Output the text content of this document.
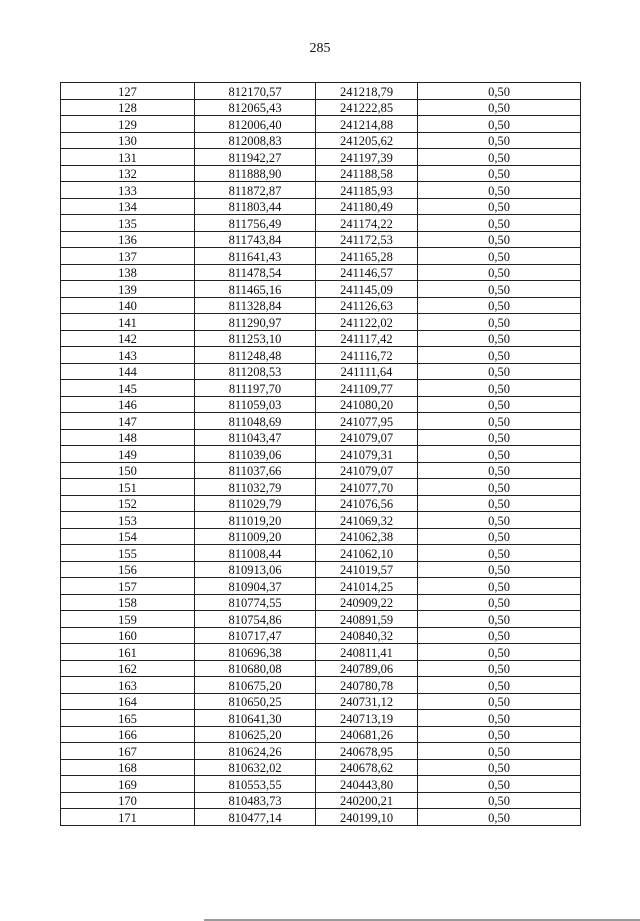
285
127	812170,57	241218,79	0,50
128	812065,43	241222,85	0,50
129	812006,40	241214,88	0,50
130	812008,83	241205,62	0,50
131	811942,27	241197,39	0,50
132	811888,90	241188,58	0,50
133	811872,87	241185,93	0,50
134	811803,44	241180,49	0,50
135	811756,49	241174,22	0,50
136	811743,84	241172,53	0,50
137	811641,43	241165,28	0,50
138	811478,54	241146,57	0,50
139	811465,16	241145,09	0,50
140	811328,84	241126,63	0,50
141	811290,97	241122,02	0,50
142	811253,10	241117,42	0,50
143	811248,48	241116,72	0,50
144	811208,53	241111,64	0,50
145	811197,70	241109,77	0,50
146	811059,03	241080,20	0,50
147	811048,69	241077,95	0,50
148	811043,47	241079,07	0,50
149	811039,06	241079,31	0,50
150	811037,66	241079,07	0,50
151	811032,79	241077,70	0,50
152	811029,79	241076,56	0,50
153	811019,20	241069,32	0,50
154	811009,20	241062,38	0,50
155	811008,44	241062,10	0,50
156	810913,06	241019,57	0,50
157	810904,37	241014,25	0,50
158	810774,55	240909,22	0,50
159	810754,86	240891,59	0,50
160	810717,47	240840,32	0,50
161	810696,38	240811,41	0,50
162	810680,08	240789,06	0,50
163	810675,20	240780,78	0,50
164	810650,25	240731,12	0,50
165	810641,30	240713,19	0,50
166	810625,20	240681,26	0,50
167	810624,26	240678,95	0,50
168	810632,02	240678,62	0,50
169	810553,55	240443,80	0,50
170	810483,73	240200,21	0,50
171	810477,14	240199,10	0,50
